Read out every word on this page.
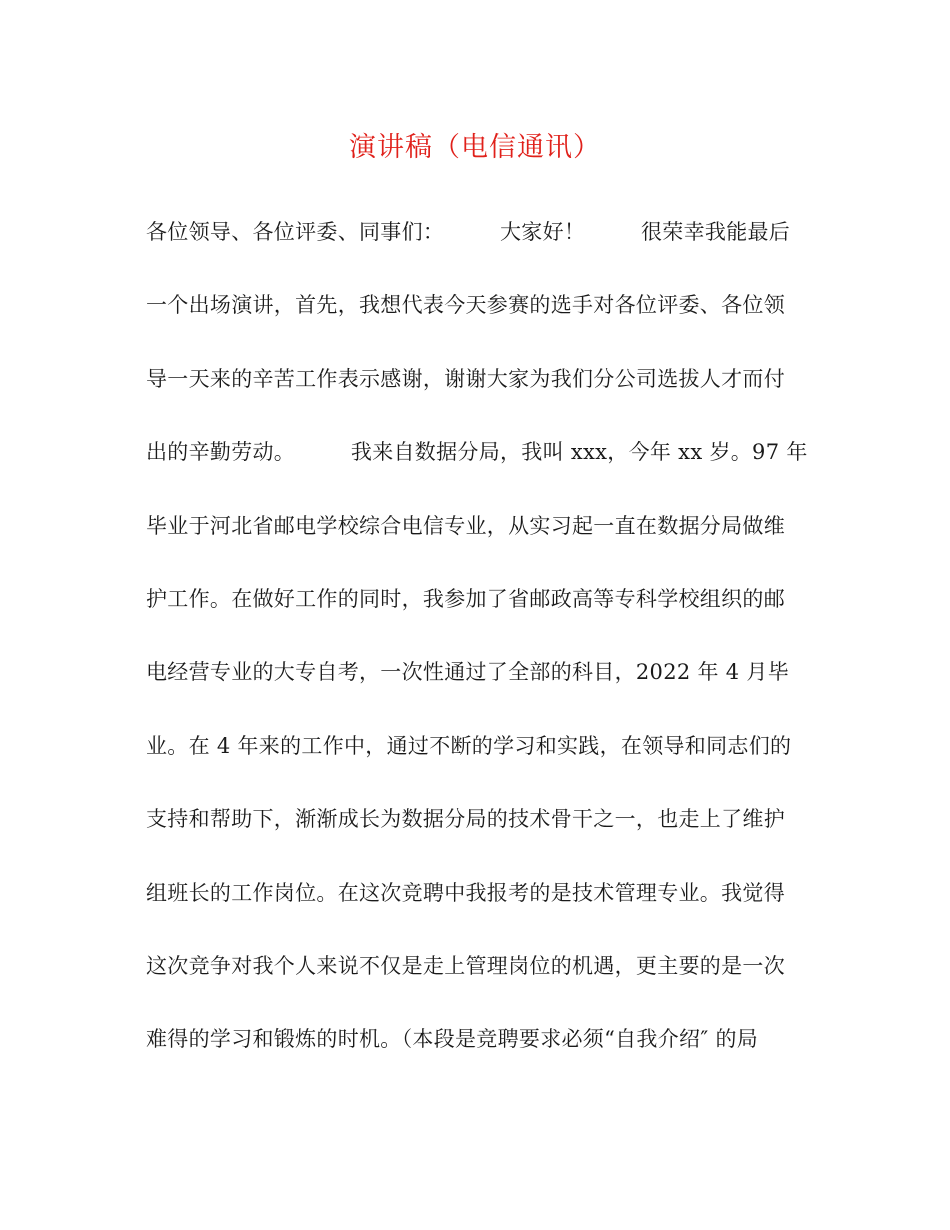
演讲稿（电信通讯）
各位领导、各位评委、同事们：        大家好！        很荣幸我能最后
一个出场演讲，首先，我想代表今天参赛的选手对各位评委、各位领
导一天来的辛苦工作表示感谢，谢谢大家为我们分公司选拔人才而付
出的辛勤劳动。        我来自数据分局，我叫 xxx，今年 xx 岁。97 年
毕业于河北省邮电学校综合电信专业，从实习起一直在数据分局做维
护工作。在做好工作的同时，我参加了省邮政高等专科学校组织的邮
电经营专业的大专自考，一次性通过了全部的科目，2022 年 4 月毕
业。在 4 年来的工作中，通过不断的学习和实践，在领导和同志们的
支持和帮助下，渐渐成长为数据分局的技术骨干之一，也走上了维护
组班长的工作岗位。在这次竞聘中我报考的是技术管理专业。我觉得
这次竞争对我个人来说不仅是走上管理岗位的机遇，更主要的是一次
难得的学习和锻炼的时机。（本段是竞聘要求必须“自我介绍″ 的局
